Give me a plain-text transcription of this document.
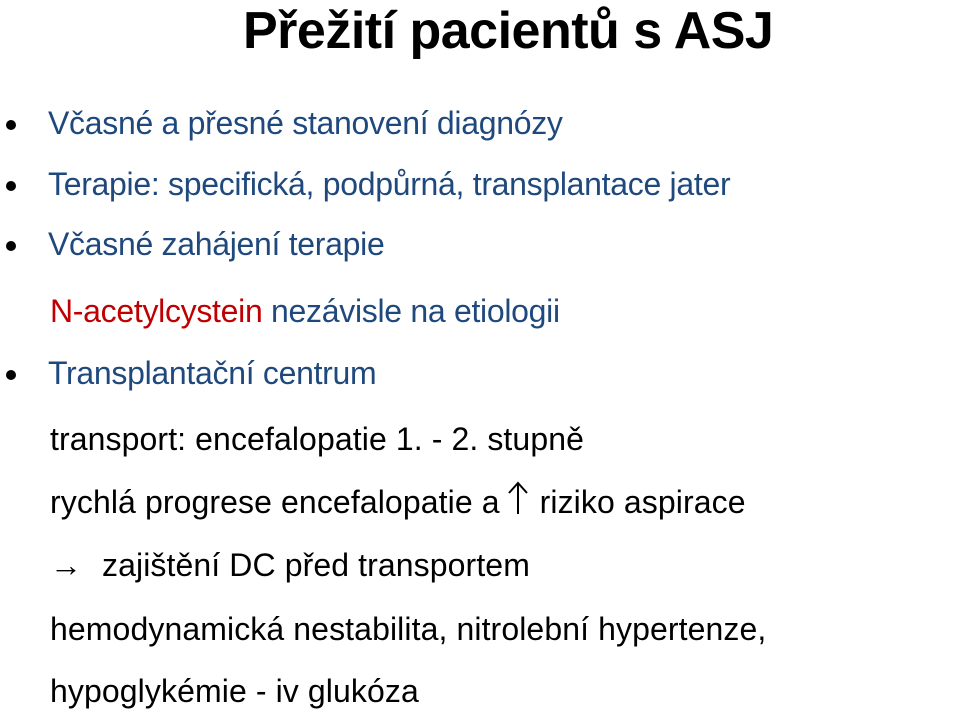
Přežití pacientů s ASJ
Včasné a přesné stanovení diagnózy
Terapie: specifická, podpůrná, transplantace jater
Včasné zahájení terapie
N-acetylcystein nezávisle na etiologii
Transplantační centrum
transport: encefalopatie 1. - 2. stupně
rychlá progrese encefalopatie a riziko aspirace
→ zajištění DC před transportem
hemodynamická nestabilita, nitrolební hypertenze,
hypoglykémie - iv glukóza
